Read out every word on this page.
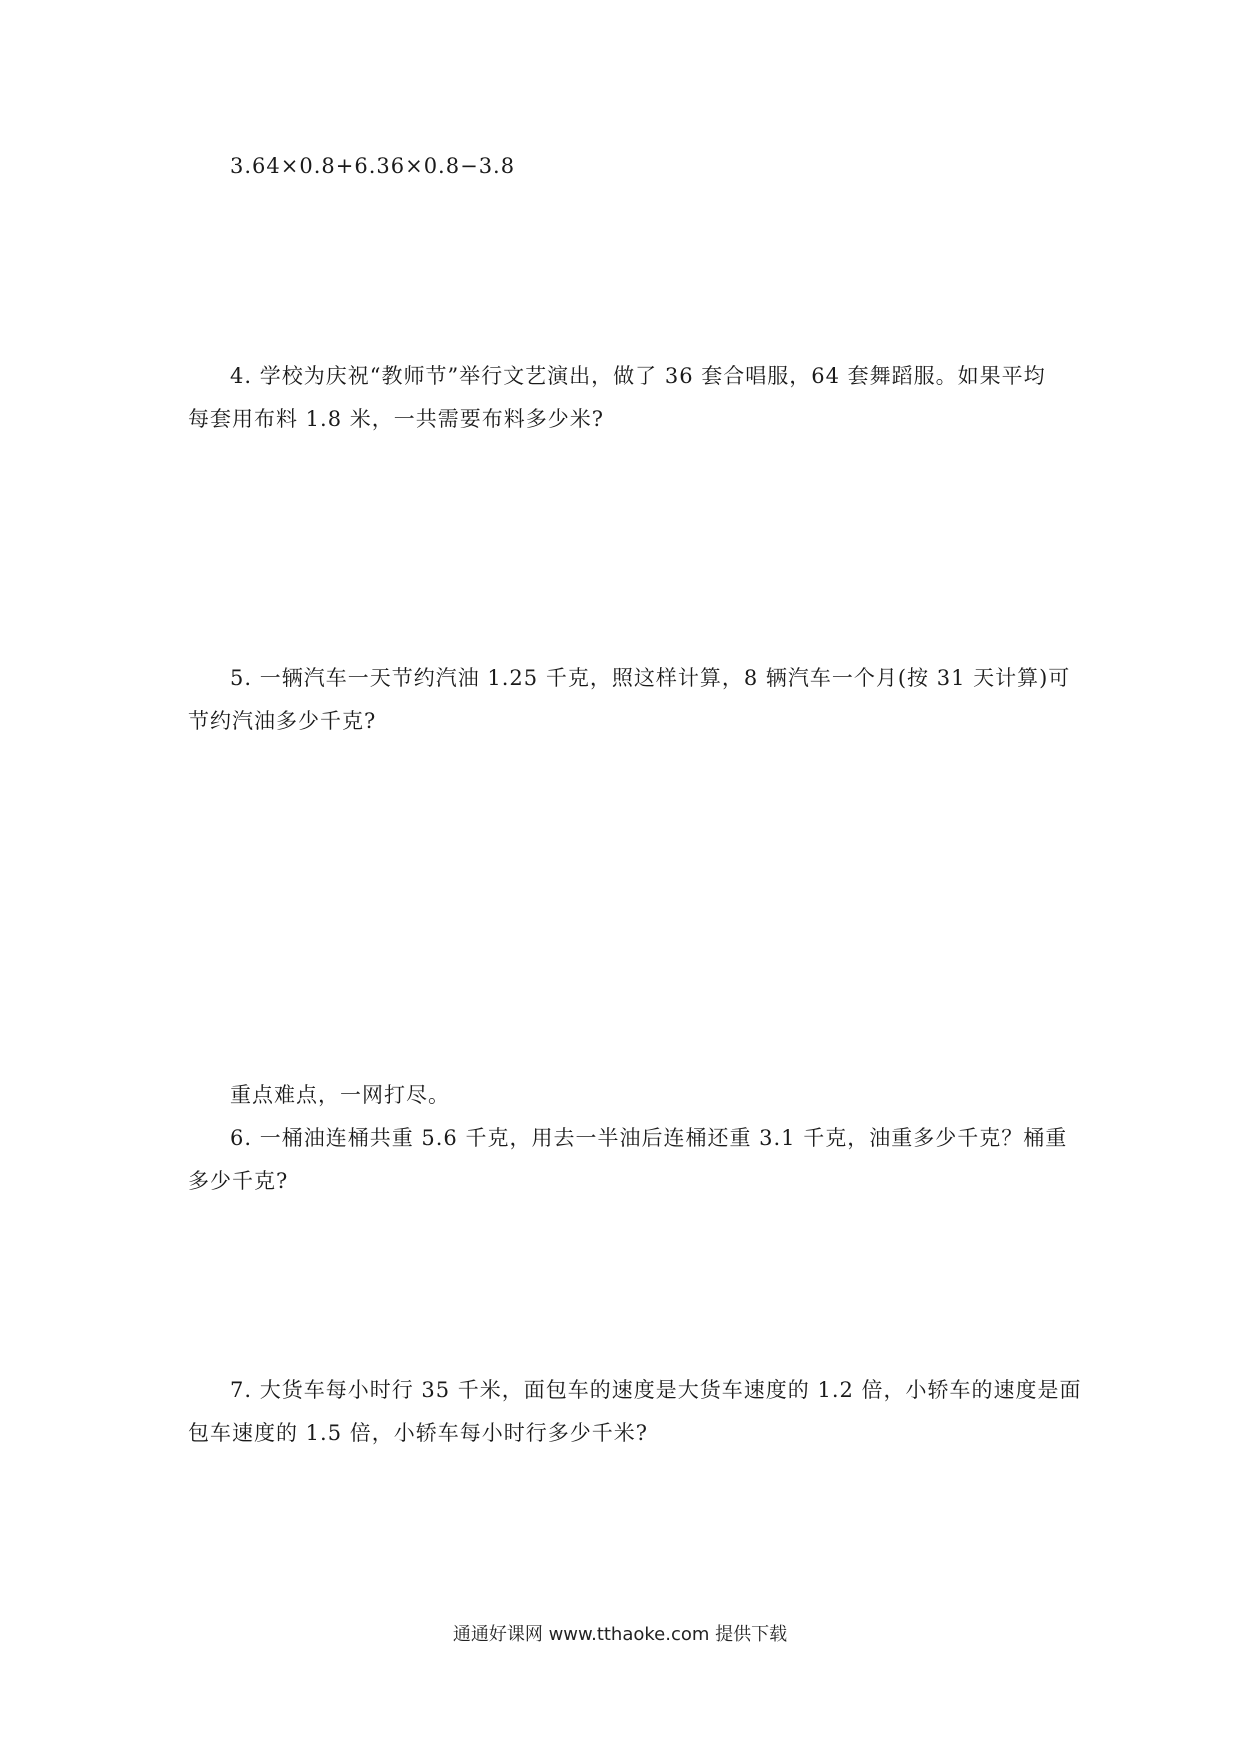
3.64×0.8+6.36×0.8−3.8
4. 学校为庆祝“教师节”举行文艺演出，做了 36 套合唱服，64 套舞蹈服。如果平均
每套用布料 1.8 米，一共需要布料多少米?
5. 一辆汽车一天节约汽油 1.25 千克，照这样计算，8 辆汽车一个月(按 31 天计算)可
节约汽油多少千克?
重点难点，一网打尽。
6. 一桶油连桶共重 5.6 千克，用去一半油后连桶还重 3.1 千克，油重多少千克？桶重
多少千克?
7. 大货车每小时行 35 千米，面包车的速度是大货车速度的 1.2 倍，小轿车的速度是面
包车速度的 1.5 倍，小轿车每小时行多少千米?
通通好课网 www.tthaoke.com 提供下载
